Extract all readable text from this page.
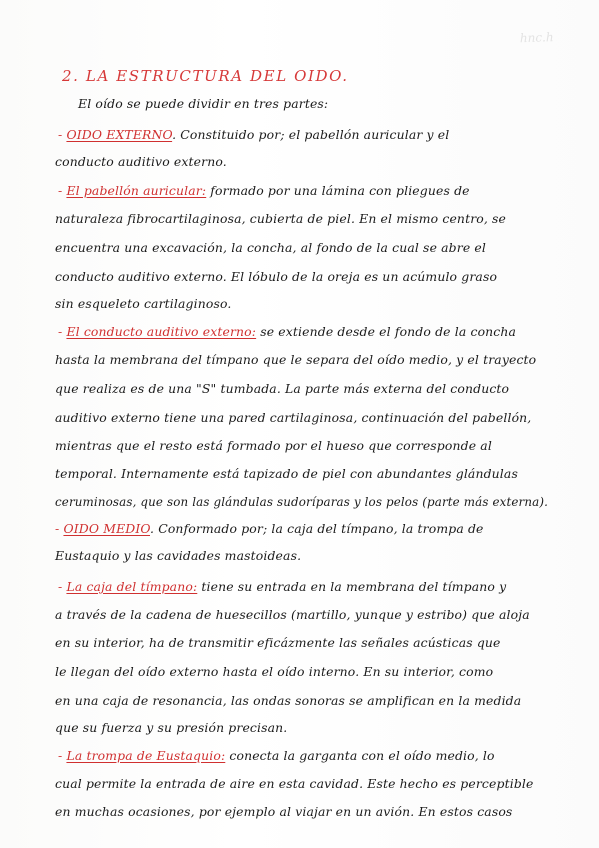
hnc.h
2. LA ESTRUCTURA DEL OIDO.
El oído se puede dividir en tres partes:
- OIDO EXTERNO. Constituido por; el pabellón auricular y el
conducto auditivo externo.
- El pabellón auricular: formado por una lámina con pliegues de
naturaleza fibrocartilaginosa, cubierta de piel. En el mismo centro, se
encuentra una excavación, la concha, al fondo de la cual se abre el
conducto auditivo externo. El lóbulo de la oreja es un acúmulo graso
sin esqueleto cartilaginoso.
- El conducto auditivo externo: se extiende desde el fondo de la concha
hasta la membrana del tímpano que le separa del oído medio, y el trayecto
que realiza es de una "S" tumbada. La parte más externa del conducto
auditivo externo tiene una pared cartilaginosa, continuación del pabellón,
mientras que el resto está formado por el hueso que corresponde al
temporal. Internamente está tapizado de piel con abundantes glándulas
ceruminosas, que son las glándulas sudoríparas y los pelos (parte más externa).
- OIDO MEDIO. Conformado por; la caja del tímpano, la trompa de
Eustaquio y las cavidades mastoideas.
- La caja del tímpano: tiene su entrada en la membrana del tímpano y
a través de la cadena de huesecillos (martillo, yunque y estribo) que aloja
en su interior, ha de transmitir eficázmente las señales acústicas que
le llegan del oído externo hasta el oído interno. En su interior, como
en una caja de resonancia, las ondas sonoras se amplifican en la medida
que su fuerza y su presión precisan.
- La trompa de Eustaquio: conecta la garganta con el oído medio, lo
cual permite la entrada de aire en esta cavidad. Este hecho es perceptible
en muchas ocasiones, por ejemplo al viajar en un avión. En estos casos
